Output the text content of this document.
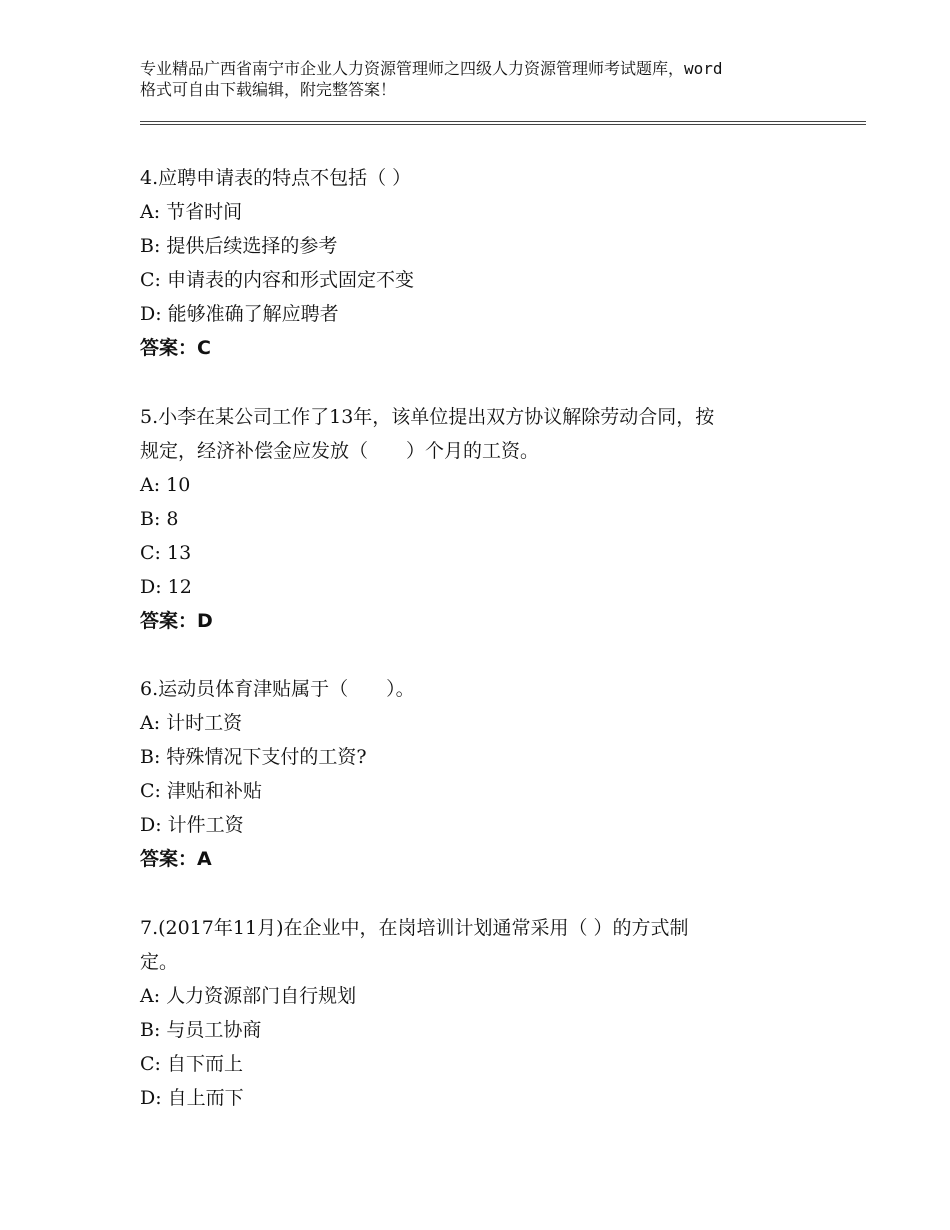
专业精品广西省南宁市企业人力资源管理师之四级人力资源管理师考试题库，word
格式可自由下载编辑，附完整答案！
4.应聘申请表的特点不包括（ ）
A: 节省时间
B: 提供后续选择的参考
C: 申请表的内容和形式固定不变
D: 能够准确了解应聘者
答案：C
5.小李在某公司工作了13年，该单位提出双方协议解除劳动合同，按
规定，经济补偿金应发放（　　）个月的工资。
A: 10
B: 8
C: 13
D: 12
答案：D
6.运动员体育津贴属于（　　）。
A: 计时工资
B: 特殊情况下支付的工资?
C: 津贴和补贴
D: 计件工资
答案：A
7.(2017年11月)在企业中，在岗培训计划通常采用（ ）的方式制
定。
A: 人力资源部门自行规划
B: 与员工协商
C: 自下而上
D: 自上而下
